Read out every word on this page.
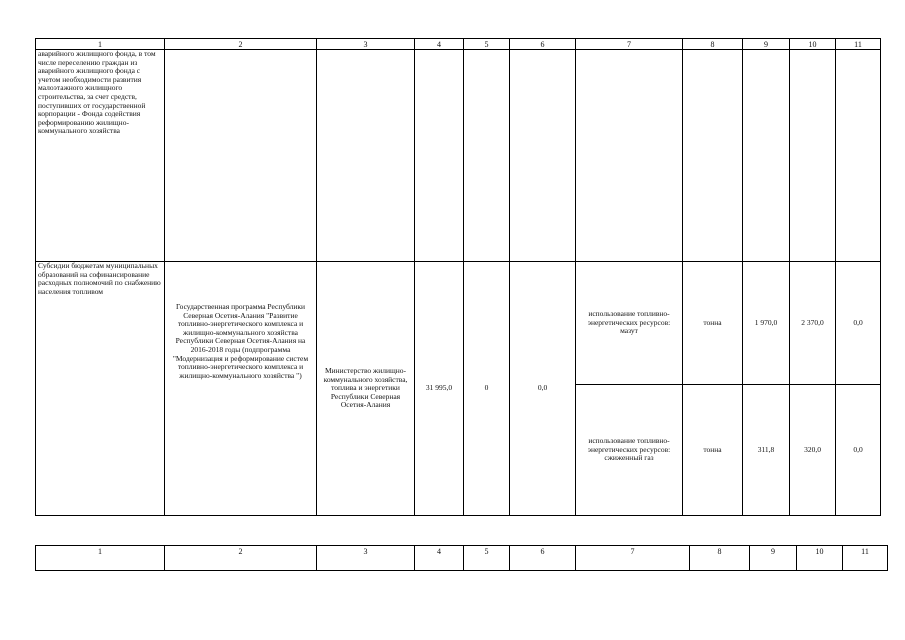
1	2	3	4	5	6	7	8	9	10	11
аварийного жилищного фонда, в том числе переселению граждан из аварийного жилищного фонда с учетом необходимости развития малоэтажного жилищного строительства, за счет средств, поступивших от государственной корпорации - Фонда содействия реформированию жилищно-коммунального хозяйства										
Субсидии бюджетам муниципальных образований на софинансирование расходных полномочий по снабжению населения топливом	Государственная программа Республики Северная Осетия-Алания "Развитие топливно-энергетического комплекса и жилищно-коммунального хозяйства Республики Северная Осетия-Алания на 2016-2018 годы (подпрограмма "Модернизация и реформирование систем топливно-энергетического комплекса и жилищно-коммунального хозяйства ")	Министерство жилищно-коммунального хозяйства, топлива и энергетики Республики Северная Осетия-Алания	31 995,0	0	0,0	использование топливно-энергетических ресурсов: мазут	тонна	1 970,0	2 370,0	0,0
						использование топливно-энергетических ресурсов: сжиженный газ	тонна	311,8	320,0	0,0
1	2	3	4	5	6	7	8	9	10	11
